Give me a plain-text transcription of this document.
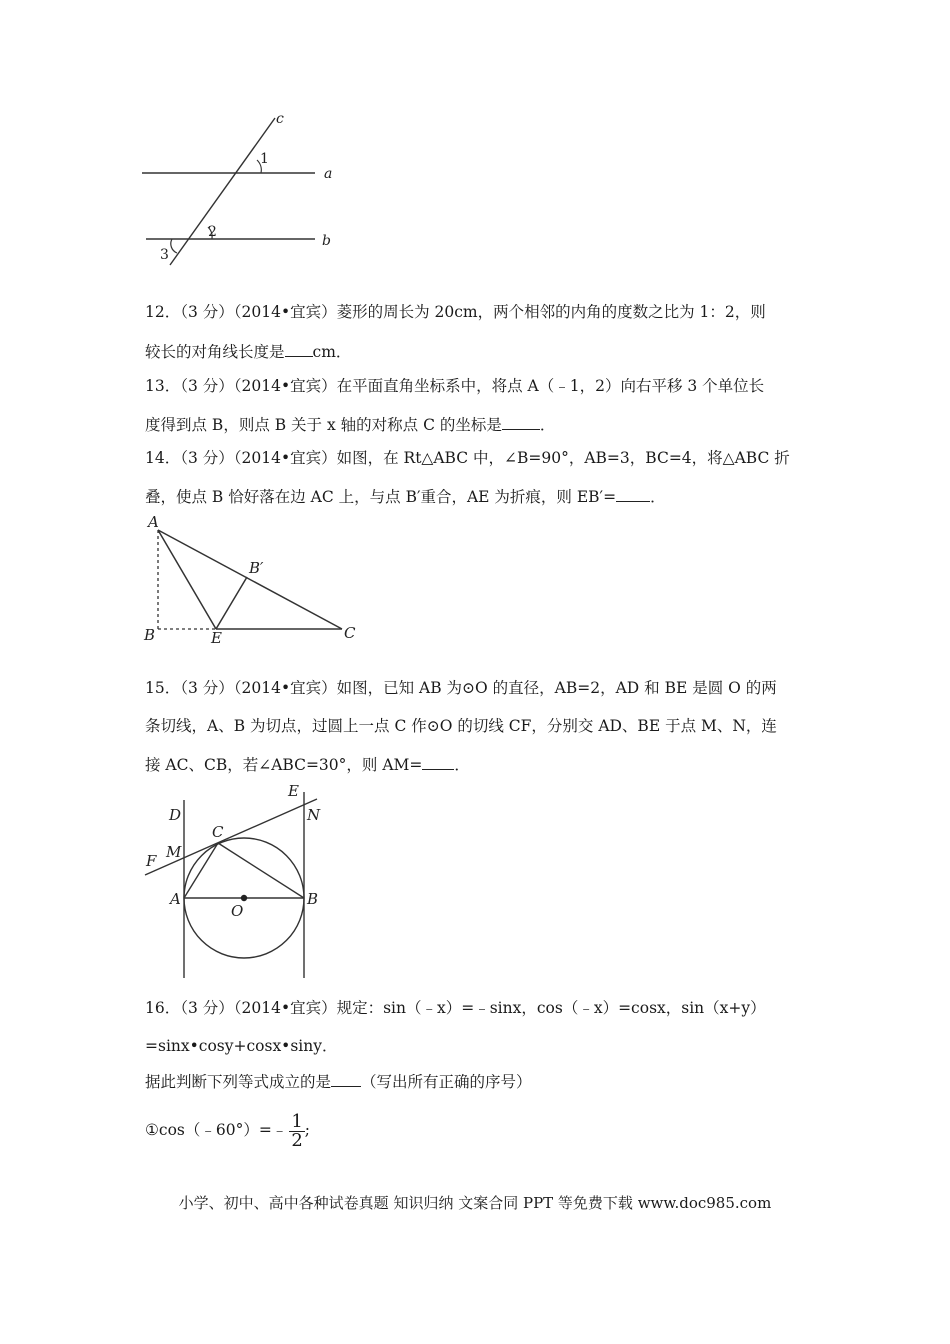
c
1
a
2
b
3
12．（3 分）（2014•宜宾）菱形的周长为 20cm，两个相邻的内角的度数之比为 1：2，则
较长的对角线长度是 cm．
13．（3 分）（2014•宜宾）在平面直角坐标系中，将点 A（﹣1，2）向右平移 3 个单位长
度得到点 B，则点 B 关于 x 轴的对称点 C 的坐标是 ．
14．（3 分）（2014•宜宾）如图，在 Rt△ABC 中，∠B=90°，AB=3，BC=4，将△ABC 折
叠，使点 B 恰好落在边 AC 上，与点 B′重合，AE 为折痕，则 EB′= ．
A
B′
B	E	C
15．（3 分）（2014•宜宾）如图，已知 AB 为⊙O 的直径，AB=2，AD 和 BE 是圆 O 的两
条切线，A、B 为切点，过圆上一点 C 作⊙O 的切线 CF，分别交 AD、BE 于点 M、N，连
接 AC、CB，若∠ABC=30°，则 AM= ．
D
E
N
C
M
F
A
O
B
16．（3 分）（2014•宜宾）规定：sin（﹣x）=﹣sinx，cos（﹣x）=cosx，sin（x+y）
=sinx•cosy+cosx•siny．
据此判断下列等式成立的是 （写出所有正确的序号）
①cos（﹣60°）=﹣ $\frac{1}{2}$ ;
小学、初中、高中各种试卷真题 知识归纳 文案合同 PPT 等免费下载 www.doc985.com
